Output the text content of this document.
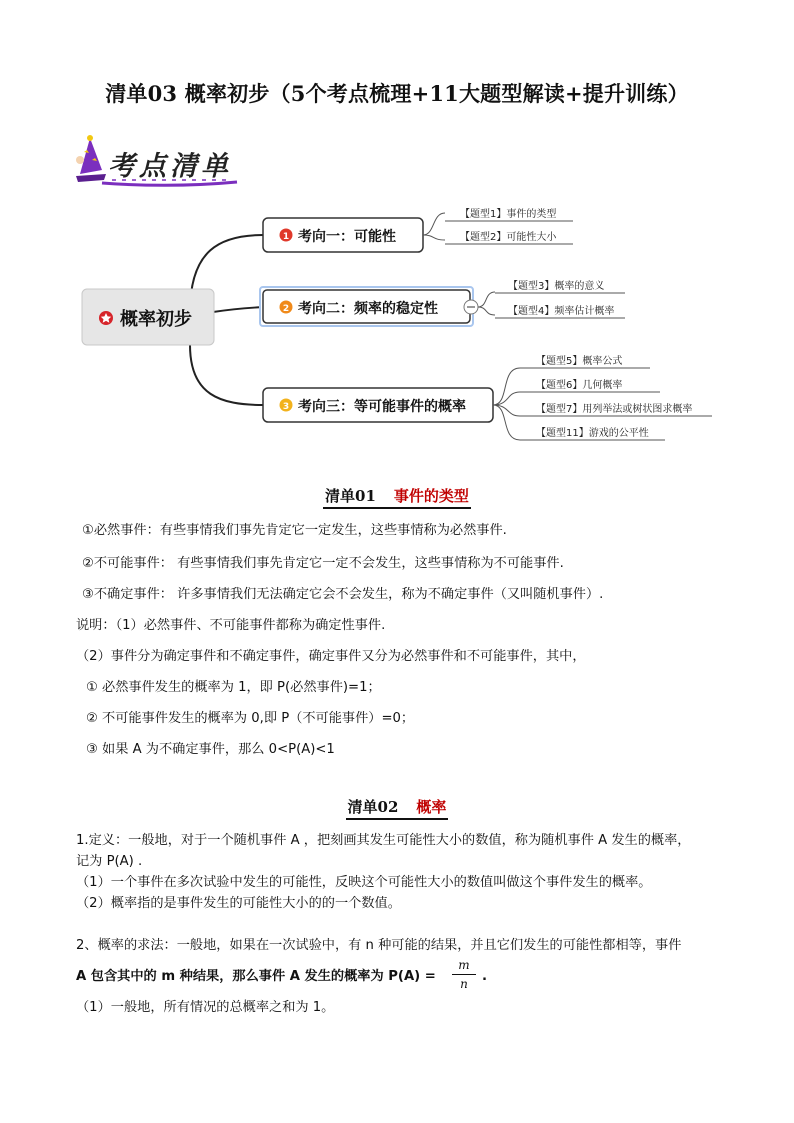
清单03 概率初步（5个考点梳理+11大题型解读+提升训练）
考点清单
概率初步
1 考向一：可能性
【题型1】事件的类型
【题型2】可能性大小
2 考向二：频率的稳定性
【题型3】概率的意义
【题型4】频率估计概率
3 考向三：等可能事件的概率
【题型5】概率公式
【题型6】几何概率
【题型7】用列举法或树状图求概率
【题型11】游戏的公平性
清单01 事件的类型
①必然事件：有些事情我们事先肯定它一定发生，这些事情称为必然事件.
②不可能事件： 有些事情我们事先肯定它一定不会发生，这些事情称为不可能事件.
③不确定事件： 许多事情我们无法确定它会不会发生，称为不确定事件（又叫随机事件）.
说明：（1）必然事件、不可能事件都称为确定性事件.
（2）事件分为确定事件和不确定事件，确定事件又分为必然事件和不可能事件，其中，
① 必然事件发生的概率为 1，即 P(必然事件)=1；
② 不可能事件发生的概率为 0,即 P（不可能事件）=0；
③ 如果 A 为不确定事件，那么 0<P(A)<1
清单02 概率
1.定义：一般地，对于一个随机事件 A ，把刻画其发生可能性大小的数值，称为随机事件 A 发生的概率，
记为 P(A) .
（1）一个事件在多次试验中发生的可能性，反映这个可能性大小的数值叫做这个事件发生的概率。
（2）概率指的是事件发生的可能性大小的的一个数值。
2、概率的求法：一般地，如果在一次试验中，有 n 种可能的结果，并且它们发生的可能性都相等，事件
A 包含其中的 m 种结果，那么事件 A 发生的概率为 P(A) =
m
n	.
（1）一般地，所有情况的总概率之和为 1。
